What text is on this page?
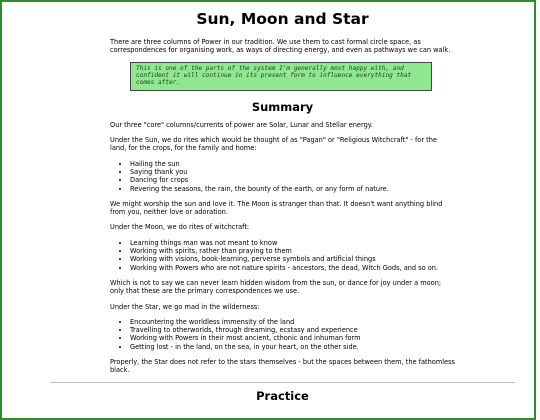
Sun, Moon and Star

There are three columns of Power in our tradition. We use them to cast formal circle space, as correspondences for organising work, as ways of directing energy, and even as pathways we can walk.

This is one of the parts of the system I'm generally most happy with, and confident it will continue in its present form to influence everything that comes after.
Summary

Our three "core" columns/currents of power are Solar, Lunar and Stellar energy.

Under the Sun, we do rites which would be thought of as "Pagan" or "Religious Witchcraft" - for the land, for the crops, for the family and home:

• Hailing the sun
• Saying thank you
• Dancing for crops
• Revering the seasons, the rain, the bounty of the earth, or any form of nature.

We might worship the sun and love it. The Moon is stranger than that. It doesn't want anything blind from you, neither love or adoration.

Under the Moon, we do rites of witchcraft:

• Learning things man was not meant to know
• Working with spirits, rather than praying to them
• Working with visions, book-learning, perverse symbols and artificial things
• Working with Powers who are not nature spirits - ancestors, the dead, Witch Gods, and so on.

Which is not to say we can never learn hidden wisdom from the sun, or dance for joy under a moon; only that these are the primary correspondences we use.

Under the Star, we go mad in the wilderness:

• Encountering the worldless immensity of the land
• Travelling to otherworlds, through dreaming, ecstasy and experience
• Working with Powers in their most ancient, cthonic and inhuman form
• Getting lost - in the land, on the sea, in your heart, on the other side.

Properly, the Star does not refer to the stars themselves - but the spaces between them, the fathomless black.

Practice
